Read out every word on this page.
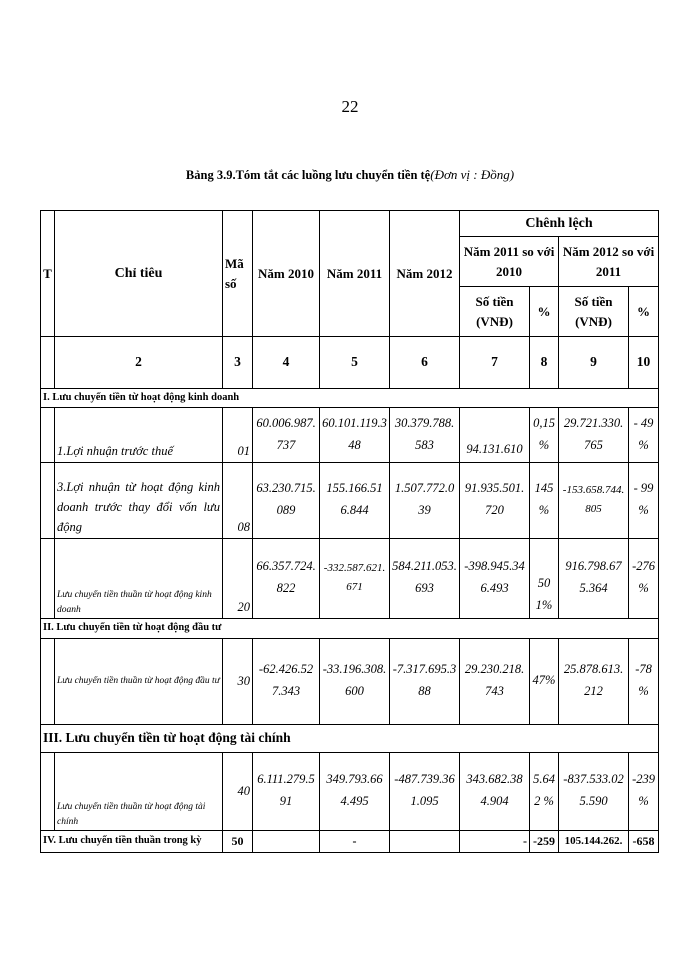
22
Bảng 3.9.Tóm tắt các luồng lưu chuyển tiền tệ(Đơn vị : Đồng)
T	Chỉ tiêu	Mã số	Năm 2010	Năm 2011	Năm 2012	Chênh lệch			
						Năm 2011 so với 2010		Năm 2012 so với 2011	
						Số tiền (VNĐ)	%	Số tiền (VNĐ)	%

	2	3	4	5	6	7	8	9	10
I. Lưu chuyển tiền từ hoạt động kinh doanh									
	1.Lợi nhuận trước thuế	01	60.006.987.737	60.101.119.348	30.379.788.583	94.131.610	0,15 %	29.721.330.765	- 49 %
	3.Lợi nhuận từ hoạt động kinh doanh trước thay đổi vốn lưu động	08	63.230.715.089	155.166.516.844	1.507.772.039	91.935.501.720	145 %	-153.658.744.805	- 99 %
	Lưu chuyển tiền thuần từ hoạt động kinh doanh	20	66.357.724.822	-332.587.621.671	584.211.053.693	-398.945.346.493	501%	916.798.675.364	-276 %
II. Lưu chuyển tiền từ hoạt động đầu tư									
	Lưu chuyển tiền thuần từ hoạt động đầu tư	30	-62.426.527.343	-33.196.308.600	-7.317.695.388	29.230.218.743	47%	25.878.613.212	-78 %
III. Lưu chuyển tiền từ hoạt động tài chính									
	Lưu chuyển tiền thuần từ hoạt động tài chính	40	6.111.279.591	349.793.664.495	-487.739.361.095	343.682.384.904	5.642 %	-837.533.025.590	-239 %
IV. Lưu chuyển tiền thuần trong kỳ		50		-		-	-259	105.144.262.	-658
